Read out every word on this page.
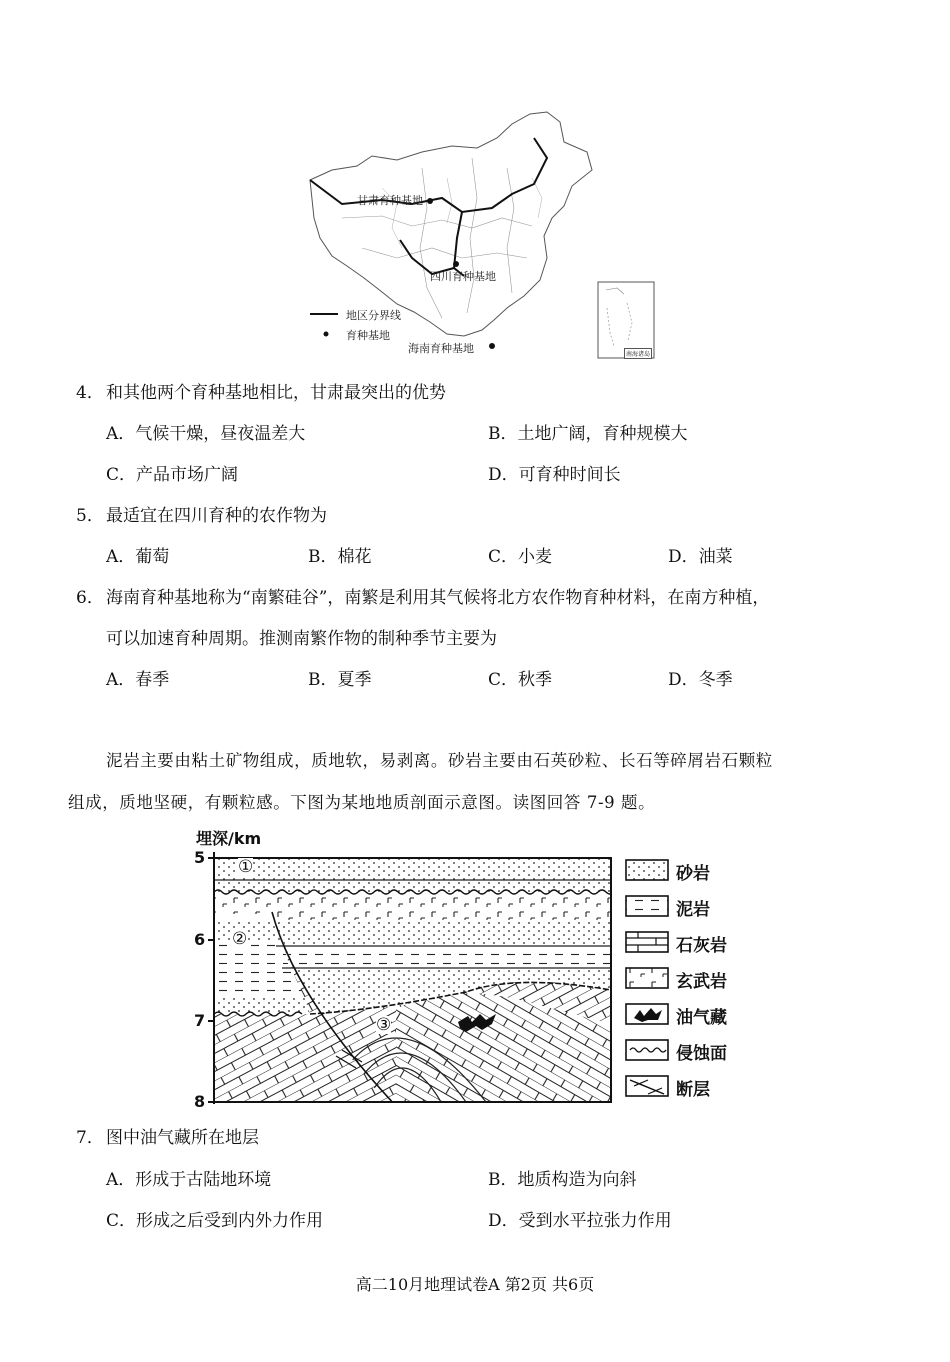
甘肃育种基地
四川育种基地
海南育种基地
地区分界线
育种基地
南海诸岛
4． 和其他两个育种基地相比，甘肃最突出的优势
A．气候干燥，昼夜温差大	B．土地广阔，育种规模大
C．产品市场广阔	D．可育种时间长
5． 最适宜在四川育种的农作物为
A．葡萄	B．棉花	C．小麦	D．油菜
6． 海南育种基地称为“南繁硅谷”，南繁是利用其气候将北方农作物育种材料，在南方种植，
可以加速育种周期。推测南繁作物的制种季节主要为
A．春季	B．夏季	C．秋季	D．冬季
泥岩主要由粘土矿物组成，质地软，易剥离。砂岩主要由石英砂粒、长石等碎屑岩石颗粒
组成，质地坚硬，有颗粒感。下图为某地地质剖面示意图。读图回答 7-9 题。
埋深/km
5
6
7
8
①
②
③
砂岩
泥岩
石灰岩
玄武岩
油气藏
侵蚀面
断层
7． 图中油气藏所在地层
A．形成于古陆地环境	B．地质构造为向斜
C．形成之后受到内外力作用	D．受到水平拉张力作用
高二10月地理试卷A 第2页 共6页
